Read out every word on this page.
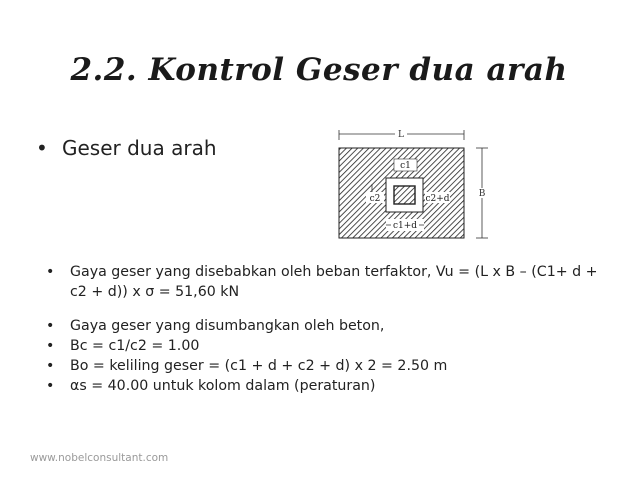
2.2. Kontrol Geser dua arah
• Geser dua arah
L
B
c1
c2	c2+d
c1+d
• Gaya geser yang disebabkan oleh beban terfaktor, Vu = (L x B – (C1+ d + c2 + d)) x σ = 51,60 kN
• Gaya geser yang disumbangkan oleh beton,
• Bc = c1/c2 = 1.00
• Bo = keliling geser = (c1 + d + c2 + d) x 2 = 2.50 m
• αs = 40.00 untuk kolom dalam (peraturan)
www.nobelconsultant.com
